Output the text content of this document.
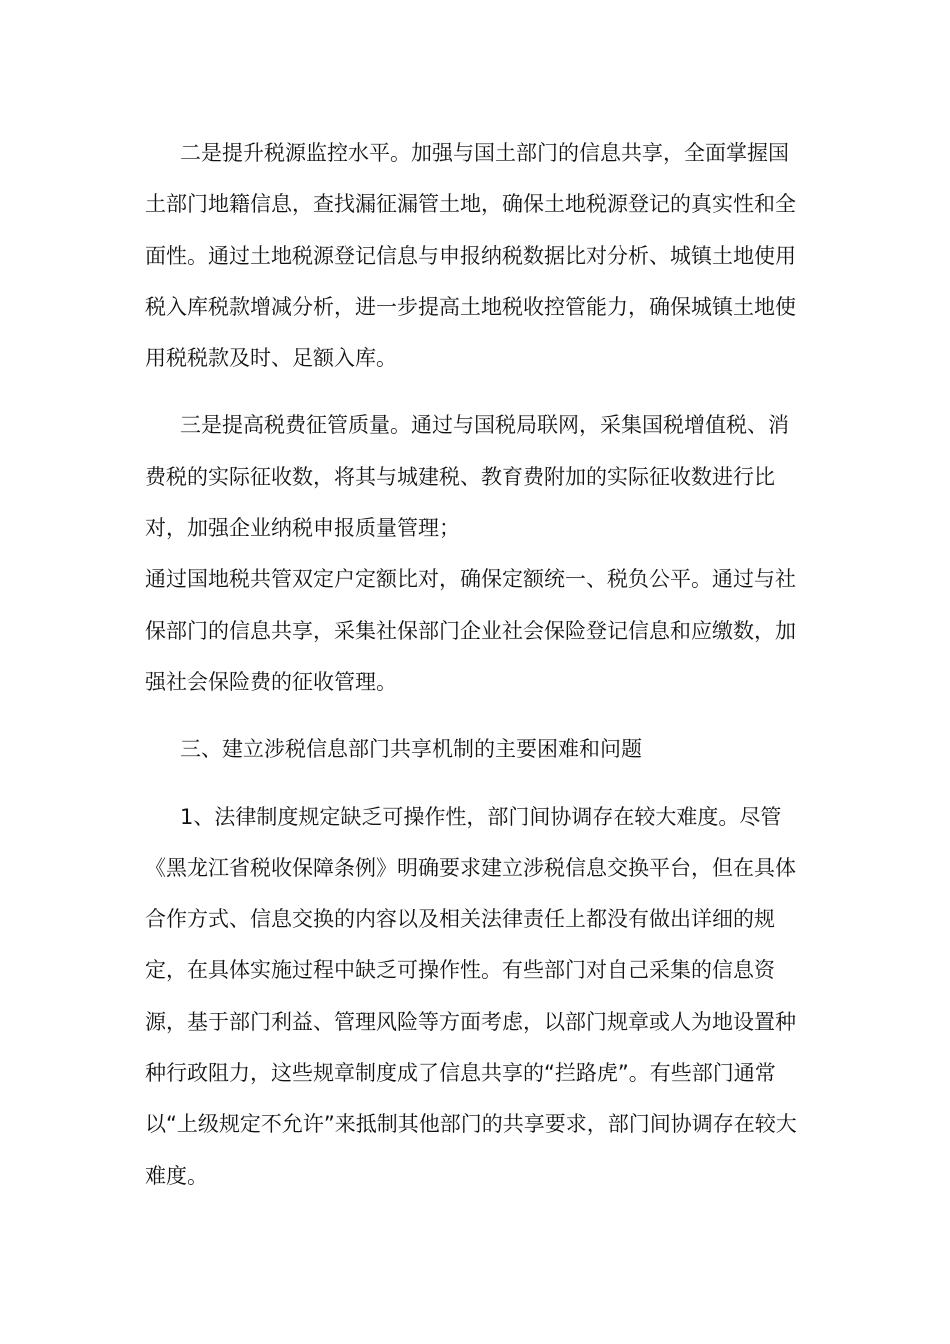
二是提升税源监控水平。加强与国土部门的信息共享，全面掌握国土部门地籍信息，查找漏征漏管土地，确保土地税源登记的真实性和全面性。通过土地税源登记信息与申报纳税数据比对分析、城镇土地使用税入库税款增减分析，进一步提高土地税收控管能力，确保城镇土地使用税税款及时、足额入库。

三是提高税费征管质量。通过与国税局联网，采集国税增值税、消费税的实际征收数，将其与城建税、教育费附加的实际征收数进行比对，加强企业纳税申报质量管理；

通过国地税共管双定户定额比对，确保定额统一、税负公平。通过与社保部门的信息共享，采集社保部门企业社会保险登记信息和应缴数，加强社会保险费的征收管理。

三、建立涉税信息部门共享机制的主要困难和问题

1、法律制度规定缺乏可操作性，部门间协调存在较大难度。尽管《黑龙江省税收保障条例》明确要求建立涉税信息交换平台，但在具体合作方式、信息交换的内容以及相关法律责任上都没有做出详细的规定，在具体实施过程中缺乏可操作性。有些部门对自己采集的信息资源，基于部门利益、管理风险等方面考虑，以部门规章或人为地设置种种行政阻力，这些规章制度成了信息共享的“拦路虎”。有些部门通常以“上级规定不允许”来抵制其他部门的共享要求，部门间协调存在较大难度。
